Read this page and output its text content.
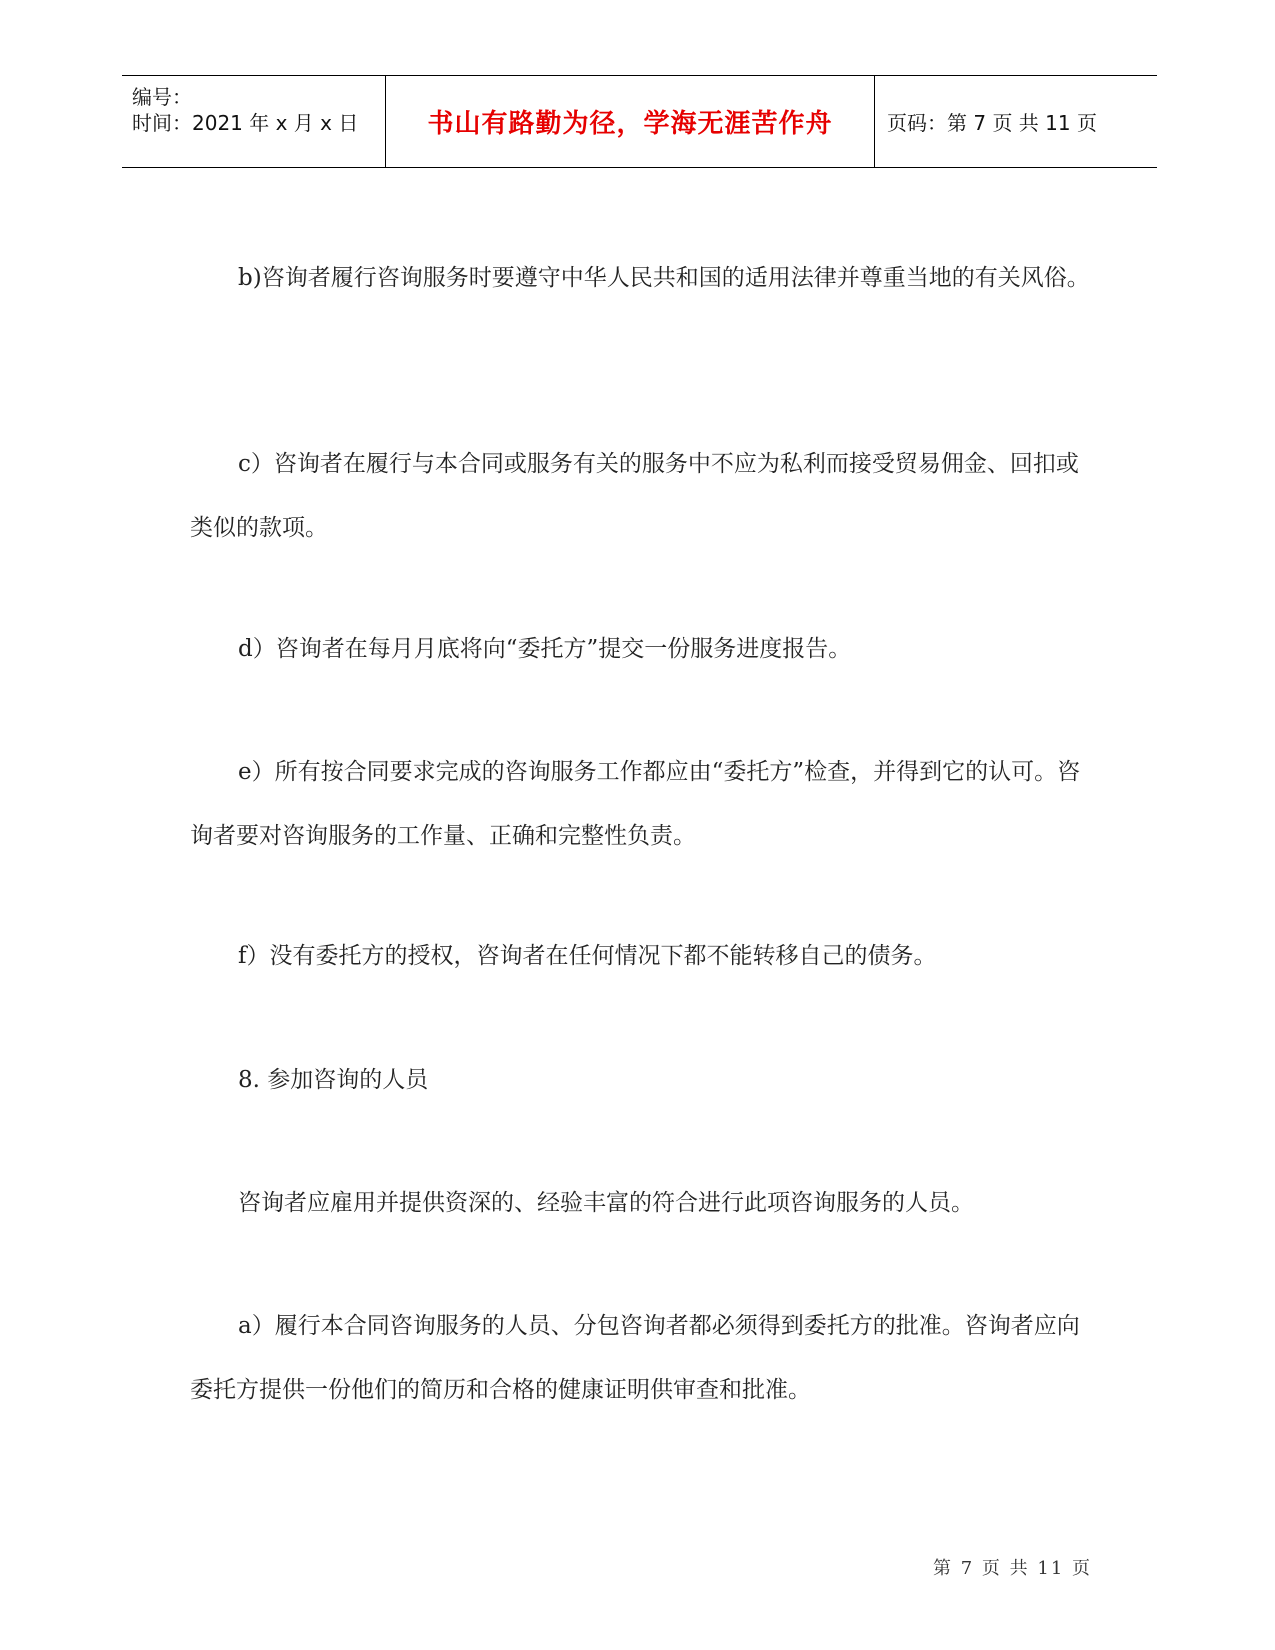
编号：
时间：2021 年 x 月 x 日	书山有路勤为径，学海无涯苦作舟	页码：第 7 页 共 11 页

b)咨询者履行咨询服务时要遵守中华人民共和国的适用法律并尊重当地的有关风俗。

c）咨询者在履行与本合同或服务有关的服务中不应为私利而接受贸易佣金、回扣或类似的款项。

d）咨询者在每月月底将向“委托方”提交一份服务进度报告。

e）所有按合同要求完成的咨询服务工作都应由“委托方”检查，并得到它的认可。咨询者要对咨询服务的工作量、正确和完整性负责。

f）没有委托方的授权，咨询者在任何情况下都不能转移自己的债务。

8. 参加咨询的人员

咨询者应雇用并提供资深的、经验丰富的符合进行此项咨询服务的人员。

a）履行本合同咨询服务的人员、分包咨询者都必须得到委托方的批准。咨询者应向委托方提供一份他们的简历和合格的健康证明供审查和批准。

第 7 页 共 11 页
